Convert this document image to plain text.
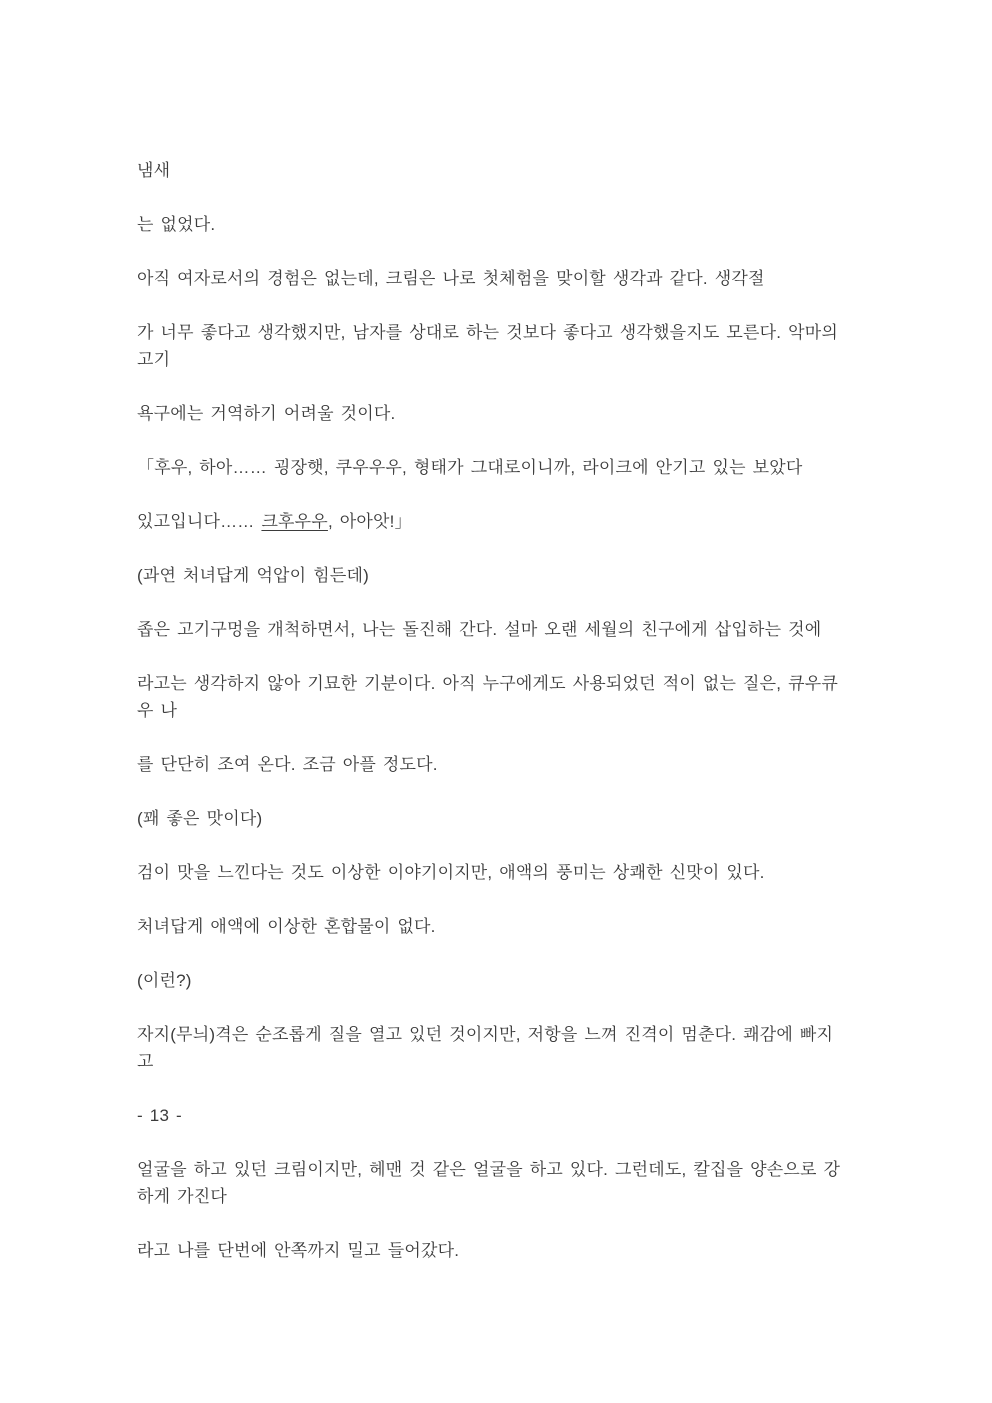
냄새
는 없었다.
아직 여자로서의 경험은 없는데, 크림은 나로 첫체험을 맞이할 생각과 같다. 생각절
가 너무 좋다고 생각했지만, 남자를 상대로 하는 것보다 좋다고 생각했을지도 모른다. 악마의
고기
욕구에는 거역하기 어려울 것이다.
「후우, 하아…… 굉장햇, 쿠우우우, 형태가 그대로이니까, 라이크에 안기고 있는 보았다
있고입니다…… 크후우우, 아아앗!」
(과연 처녀답게 억압이 힘든데)
좁은 고기구멍을 개척하면서, 나는 돌진해 간다. 설마 오랜 세월의 친구에게 삽입하는 것에
라고는 생각하지 않아 기묘한 기분이다. 아직 누구에게도 사용되었던 적이 없는 질은, 큐우큐
우 나
를 단단히 조여 온다. 조금 아플 정도다.
(꽤 좋은 맛이다)
검이 맛을 느낀다는 것도 이상한 이야기이지만, 애액의 풍미는 상쾌한 신맛이 있다.
처녀답게 애액에 이상한 혼합물이 없다.
(이런?)
자지(무늬)격은 순조롭게 질을 열고 있던 것이지만, 저항을 느껴 진격이 멈춘다. 쾌감에 빠지
고
- 13 -
얼굴을 하고 있던 크림이지만, 헤맨 것 같은 얼굴을 하고 있다. 그런데도, 칼집을 양손으로 강
하게 가진다
라고 나를 단번에 안쪽까지 밀고 들어갔다.
